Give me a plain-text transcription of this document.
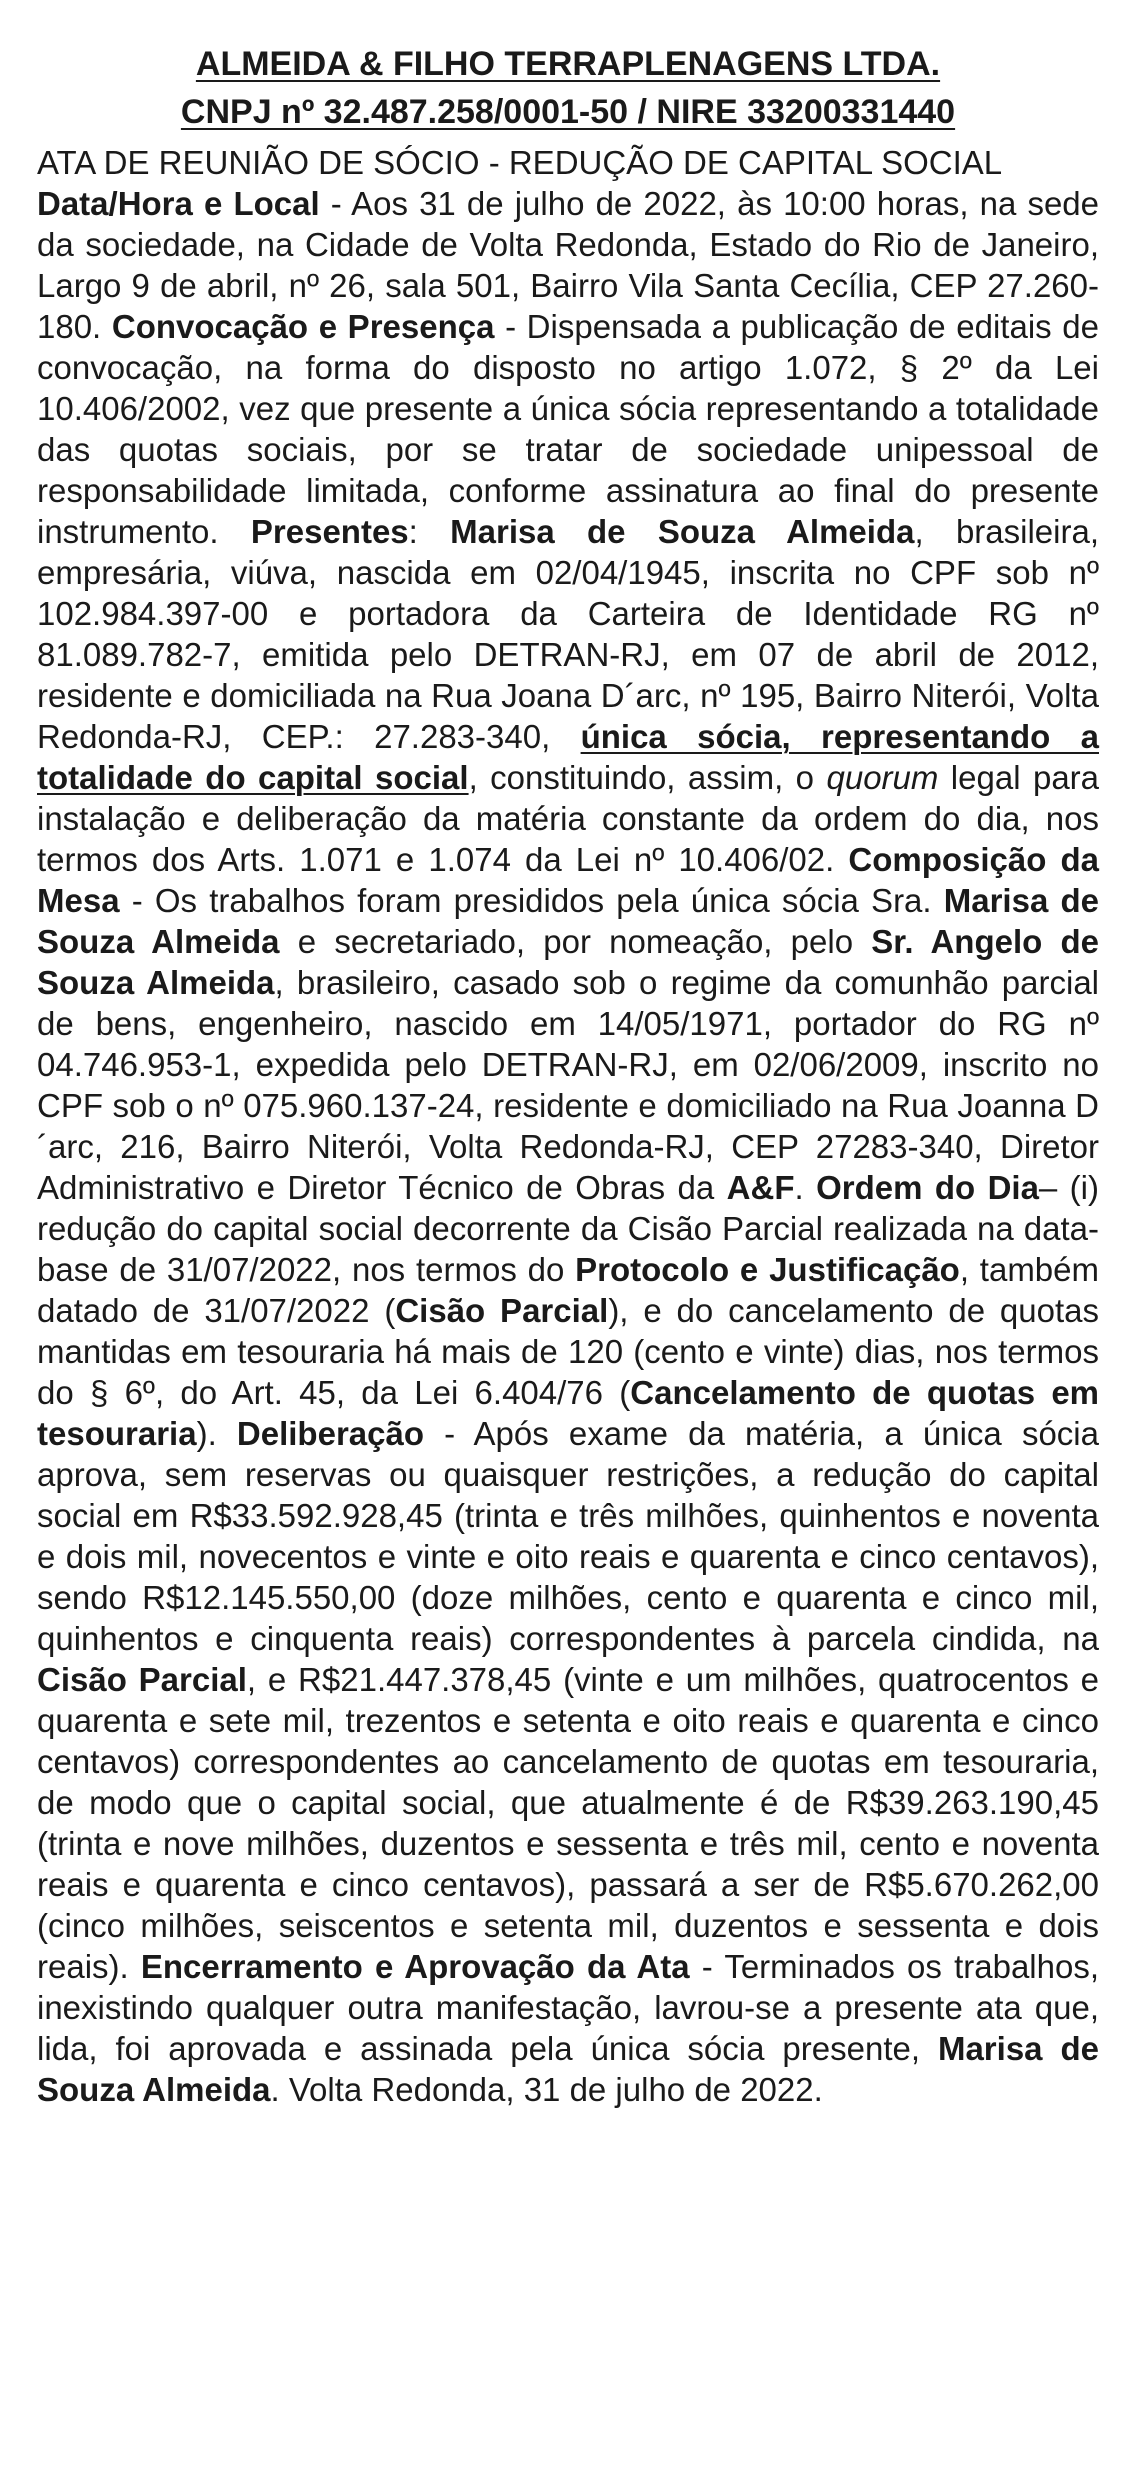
ALMEIDA & FILHO TERRAPLENAGENS LTDA.
CNPJ nº 32.487.258/0001-50 / NIRE 33200331440

ATA DE REUNIÃO DE SÓCIO - REDUÇÃO DE CAPITAL SOCIAL
Data/Hora e Local - Aos 31 de julho de 2022, às 10:00 horas, na sede da sociedade, na Cidade de Volta Redonda, Estado do Rio de Janeiro, Largo 9 de abril, nº 26, sala 501, Bairro Vila Santa Cecília, CEP 27.260-180. Convocação e Presença - Dispensada a publicação de editais de convocação, na forma do disposto no artigo 1.072, § 2º da Lei 10.406/2002, vez que presente a única sócia representando a totalidade das quotas sociais, por se tratar de sociedade unipessoal de responsabilidade limitada, conforme assinatura ao final do presente instrumento. Presentes: Marisa de Souza Almeida, brasileira, empresária, viúva, nascida em 02/04/1945, inscrita no CPF sob nº 102.984.397-00 e portadora da Carteira de Identidade RG nº 81.089.782-7, emitida pelo DETRAN-RJ, em 07 de abril de 2012, residente e domiciliada na Rua Joana D´arc, nº 195, Bairro Niterói, Volta Redonda-RJ, CEP.: 27.283-340, única sócia, representando a totalidade do capital social, constituindo, assim, o quorum legal para instalação e deliberação da matéria constante da ordem do dia, nos termos dos Arts. 1.071 e 1.074 da Lei nº 10.406/02. Composição da Mesa - Os trabalhos foram presididos pela única sócia Sra. Marisa de Souza Almeida e secretariado, por nomeação, pelo Sr. Angelo de Souza Almeida, brasileiro, casado sob o regime da comunhão parcial de bens, engenheiro, nascido em 14/05/1971, portador do RG nº 04.746.953-1, expedida pelo DETRAN-RJ, em 02/06/2009, inscrito no CPF sob o nº 075.960.137-24, residente e domiciliado na Rua Joanna D´arc, 216, Bairro Niterói, Volta Redonda-RJ, CEP 27283-340, Diretor Administrativo e Diretor Técnico de Obras da A&F. Ordem do Dia– (i) redução do capital social decorrente da Cisão Parcial realizada na data-base de 31/07/2022, nos termos do Protocolo e Justificação, também datado de 31/07/2022 (Cisão Parcial), e do cancelamento de quotas mantidas em tesouraria há mais de 120 (cento e vinte) dias, nos termos do § 6º, do Art. 45, da Lei 6.404/76 (Cancelamento de quotas em tesouraria). Deliberação - Após exame da matéria, a única sócia aprova, sem reservas ou quaisquer restrições, a redução do capital social em R$33.592.928,45 (trinta e três milhões, quinhentos e noventa e dois mil, novecentos e vinte e oito reais e quarenta e cinco centavos), sendo R$12.145.550,00 (doze milhões, cento e quarenta e cinco mil, quinhentos e cinquenta reais) correspondentes à parcela cindida, na Cisão Parcial, e R$21.447.378,45 (vinte e um milhões, quatrocentos e quarenta e sete mil, trezentos e setenta e oito reais e quarenta e cinco centavos) correspondentes ao cancelamento de quotas em tesouraria, de modo que o capital social, que atualmente é de R$39.263.190,45 (trinta e nove milhões, duzentos e sessenta e três mil, cento e noventa reais e quarenta e cinco centavos), passará a ser de R$5.670.262,00 (cinco milhões, seiscentos e setenta mil, duzentos e sessenta e dois reais). Encerramento e Aprovação da Ata - Terminados os trabalhos, inexistindo qualquer outra manifestação, lavrou-se a presente ata que, lida, foi aprovada e assinada pela única sócia presente, Marisa de Souza Almeida. Volta Redonda, 31 de julho de 2022.
